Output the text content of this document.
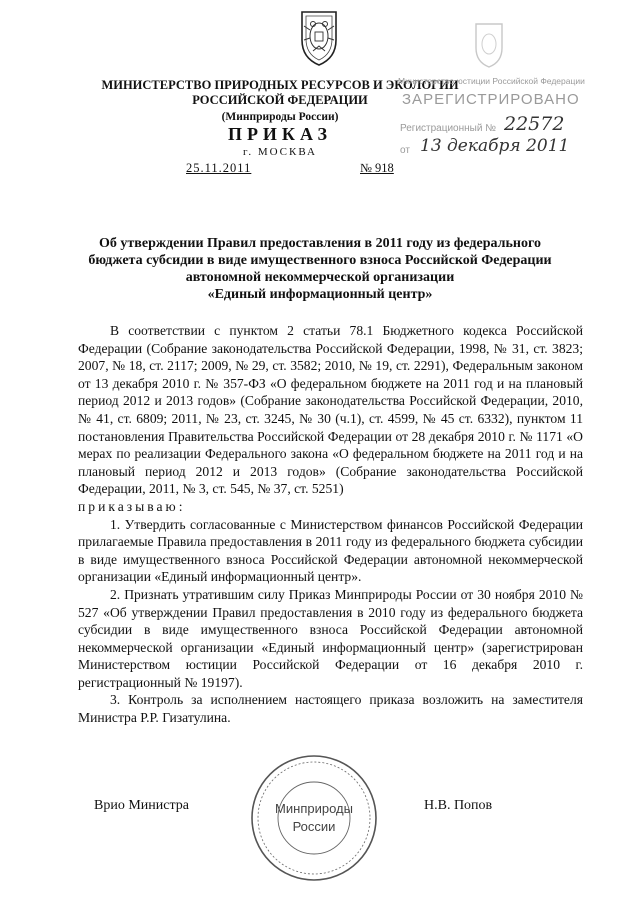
МИНИСТЕРСТВО ПРИРОДНЫХ РЕСУРСОВ И ЭКОЛОГИИ
РОССИЙСКОЙ ФЕДЕРАЦИИ
(Минприроды России)
ПРИКАЗ
г. МОСКВА
25.11.2011	№ 918
Министерство юстиции Российской Федерации
ЗАРЕГИСТРИРОВАНО
Регистрационный № 22572
от 13 декабря 2011
Об утверждении Правил предоставления в 2011 году из федерального
бюджета субсидии в виде имущественного взноса Российской Федерации
автономной некоммерческой организации
«Единый информационный центр»

В соответствии с пунктом 2 статьи 78.1 Бюджетного кодекса Российской Федерации (Собрание законодательства Российской Федерации, 1998, № 31, ст. 3823; 2007, № 18, ст. 2117; 2009, № 29, ст. 3582; 2010, № 19, ст. 2291), Федеральным законом от 13 декабря 2010 г. № 357-ФЗ «О федеральном бюджете на 2011 год и на плановый период 2012 и 2013 годов» (Собрание законодательства Российской Федерации, 2010, № 41, ст. 6809; 2011, № 23, ст. 3245, № 30 (ч.1), ст. 4599, № 45 ст. 6332), пунктом 11 постановления Правительства Российской Федерации от 28 декабря 2010 г. № 1171 «О мерах по реализации Федерального закона «О федеральном бюджете на 2011 год и на плановый период 2012 и 2013 годов» (Собрание законодательства Российской Федерации, 2011, № 3, ст. 545, № 37, ст. 5251)

приказываю:

1. Утвердить согласованные с Министерством финансов Российской Федерации прилагаемые Правила предоставления в 2011 году из федерального бюджета субсидии в виде имущественного взноса Российской Федерации автономной некоммерческой организации «Единый информационный центр».

2. Признать утратившим силу Приказ Минприроды России от 30 ноября 2010 № 527 «Об утверждении Правил предоставления в 2010 году из федерального бюджета субсидии в виде имущественного взноса Российской Федерации автономной некоммерческой организации «Единый информационный центр» (зарегистрирован Министерством юстиции Российской Федерации от 16 декабря 2010 г. регистрационный № 19197).

3. Контроль за исполнением настоящего приказа возложить на заместителя Министра Р.Р. Гизатулина.

Врио Министра	Н.В. Попов
Минприроды
России
